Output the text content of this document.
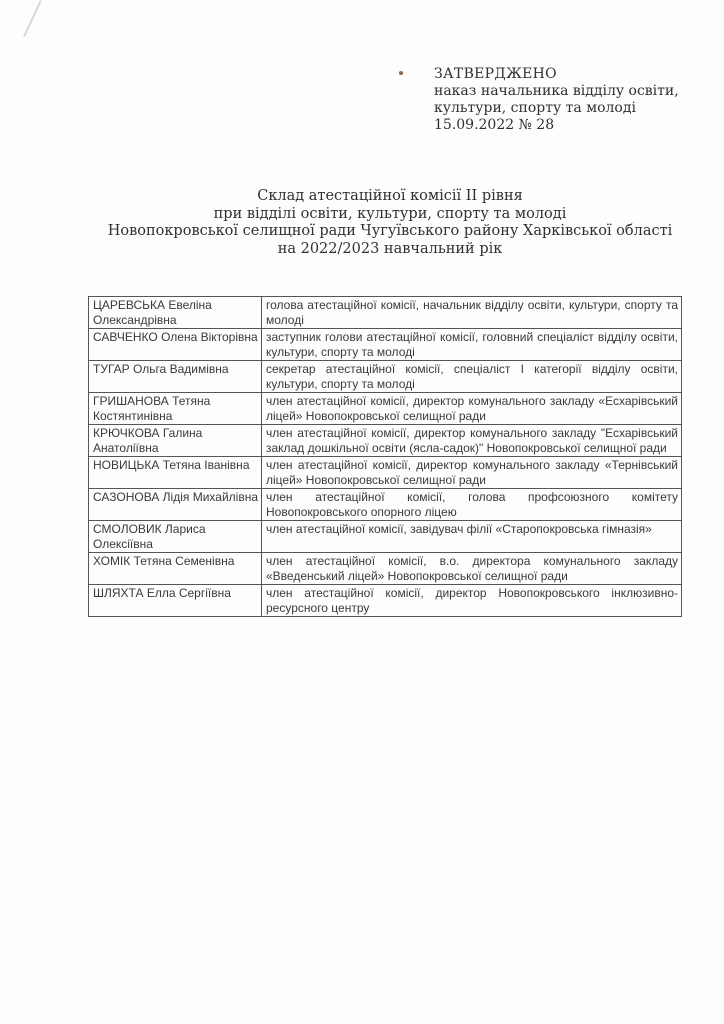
ЗАТВЕРДЖЕНО
наказ начальника відділу освіти,
культури, спорту та молоді
15.09.2022 № 28
Склад атестаційної комісії ІІ рівня
при відділі освіти, культури, спорту та молоді
Новопокровської селищної ради Чугуївського району Харківської області
на 2022/2023 навчальний рік
ЦАРЕВСЬКА Евеліна Олександрівна	голова атестаційної комісії, начальник відділу освіти, культури, спорту та молоді
САВЧЕНКО Олена Вікторівна	заступник голови атестаційної комісії, головний спеціаліст відділу освіти, культури, спорту та молоді
ТУГАР Ольга Вадимівна	секретар атестаційної комісії, спеціаліст І категорії відділу освіти, культури, спорту та молоді
ГРИШАНОВА Тетяна Костянтинівна	член атестаційної комісії, директор комунального закладу «Есхарівський ліцей» Новопокровської селищної ради
КРЮЧКОВА Галина Анатоліївна	член атестаційної комісії, директор комунального закладу "Есхарівський заклад дошкільної освіти (ясла-садок)" Новопокровської селищної ради
НОВИЦЬКА Тетяна Іванівна	член атестаційної комісії, директор комунального закладу «Тернівський ліцей» Новопокровської селищної ради
САЗОНОВА Лідія Михайлівна	член атестаційної комісії, голова профсоюзного комітету Новопокровського опорного ліцею
СМОЛОВИК Лариса Олексіївна	член атестаційної комісії, завідувач філії «Старопокровська гімназія»
ХОМІК Тетяна Семенівна	член атестаційної комісії, в.о. директора комунального закладу «Введенський ліцей» Новопокровської селищної ради
ШЛЯХТА Елла Сергіївна	член атестаційної комісії, директор Новопокровського інклюзивно-ресурсного центру
